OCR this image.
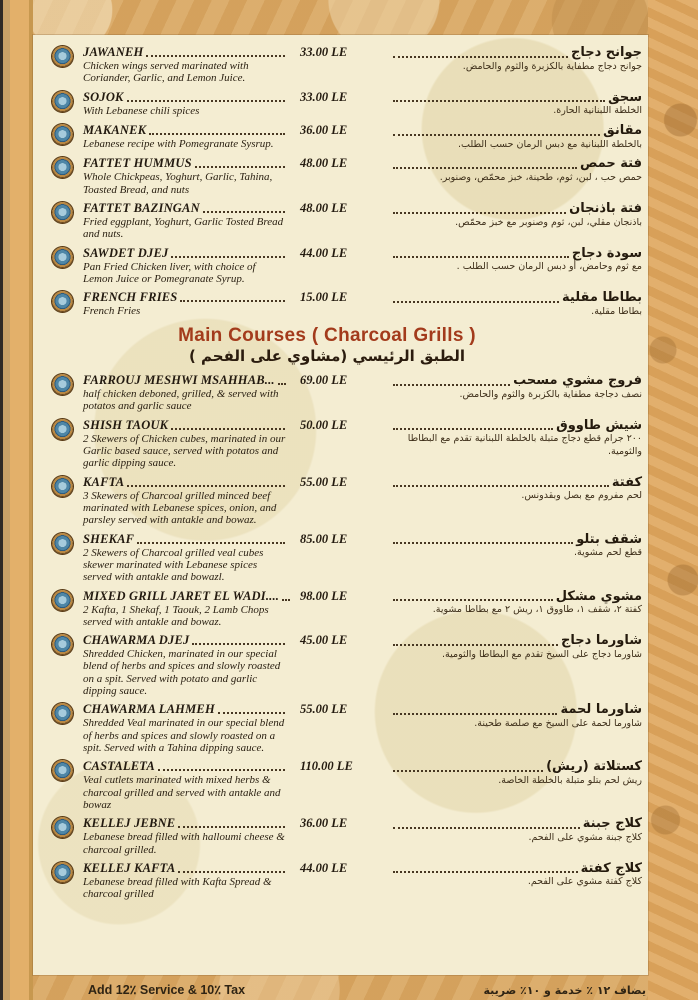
JAWANEH
Chicken wings served marinated with Coriander, Garlic, and Lemon Juice.
33.00 LE	جوانح دجاج
جوانح دجاج مطفاية بالكزبرة والثوم والحامض.
SOJOK
With Lebanese chili spices
33.00 LE	سجق
الخلطة اللبنانية الحارة.
MAKANEK
Lebanese recipe with Pomegranate Sysrup.
36.00 LE	مقانق
بالخلطة اللبنانية مع دبس الرمان حسب الطلب.
FATTET HUMMUS
Whole Chickpeas, Yoghurt, Garlic, Tahina, Toasted Bread, and nuts
48.00 LE	فتة حمص
حمص حب ، لبن، ثوم، طحينة، خبز محمّص، وصنوبر.
FATTET BAZINGAN
Fried eggplant, Yoghurt, Garlic Tosted Bread and nuts.
48.00 LE	فتة باذنجان
باذنجان مقلي، لبن، ثوم وصنوبر مع خبز محمّص.
SAWDET DJEJ
Pan Fried Chicken liver, with choice of Lemon Juice or Pomegranate Syrup.
44.00 LE	سودة دجاج
مع ثوم وحامض، أو دبس الرمان حسب الطلب .
FRENCH FRIES
French Fries
15.00 LE	بطاطا مقلية
بطاطا مقلية.
Main Courses ( Charcoal Grills )
الطبق الرئيسي (مشاوي على الفحم )
FARROUJ MESHWI MSAHHAB...
half chicken deboned, grilled, & served with potatos and garlic sauce
69.00 LE	فروج مشوي مسحب
نصف دجاجة مطفاية بالكزبرة والثوم والحامض.
SHISH TAOUK
2 Skewers of Chicken cubes, marinated in our Garlic based sauce, served with potatos and garlic dipping sauce.
50.00 LE	شيش طاووق
٢٠٠ جرام قطع دجاج متبلة بالخلطة اللبنانية تقدم مع البطاطا والثومية.
KAFTA
3 Skewers of Charcoal grilled minced beef marinated with Lebanese spices, onion, and parsley served with antakle and bowaz.
55.00 LE	كفتة
لحم مفروم مع بصل وبقدونس.
SHEKAF
2 Skewers of Charcoal grilled veal cubes skewer marinated with Lebanese spices served with antakle and bowazl.
85.00 LE	شقف بتلو
قطع لحم مشوية.
MIXED GRILL JARET EL WADI....
2 Kafta, 1 Shekaf, 1 Taouk, 2 Lamb Chops served with antakle and bowaz.
98.00 LE	مشوي مشكل
كفتة ٢، شقف ١، طاووق ١، ريش ٢ مع بطاطا مشوية.
CHAWARMA DJEJ
Shredded Chicken, marinated in our special blend of herbs and spices and slowly roasted on a spit. Served with potato and garlic dipping sauce.
45.00 LE	شاورما دجاج
شاورما دجاج على السيخ تقدم مع البطاطا والثومية.
CHAWARMA LAHMEH
Shredded Veal marinated in our special blend of herbs and spices and slowly roasted on a spit. Served with a Tahina dipping sauce.
55.00 LE	شاورما لحمة
شاورما لحمة على السيخ مع صلصة طحينة.
CASTALETA
Veal cutlets marinated with mixed herbs & charcoal grilled and served with antakle and bowaz
110.00 LE	كستلاتة (ريش)
ريش لحم بتلو متبلة بالخلطة الخاصة.
KELLEJ JEBNE
Lebanese bread filled with halloumi cheese & charcoal grilled.
36.00 LE	كلاج جبنة
كلاج جبنة مشوي على الفحم.
KELLEJ KAFTA
Lebanese bread filled with Kafta Spread & charcoal grilled
44.00 LE	كلاج كفتة
كلاج كفتة مشوي على الفحم.
Add 12٪ Service & 10٪ Tax	يضاف ١٢ ٪ خدمة و ١٠٪ ضريبة
